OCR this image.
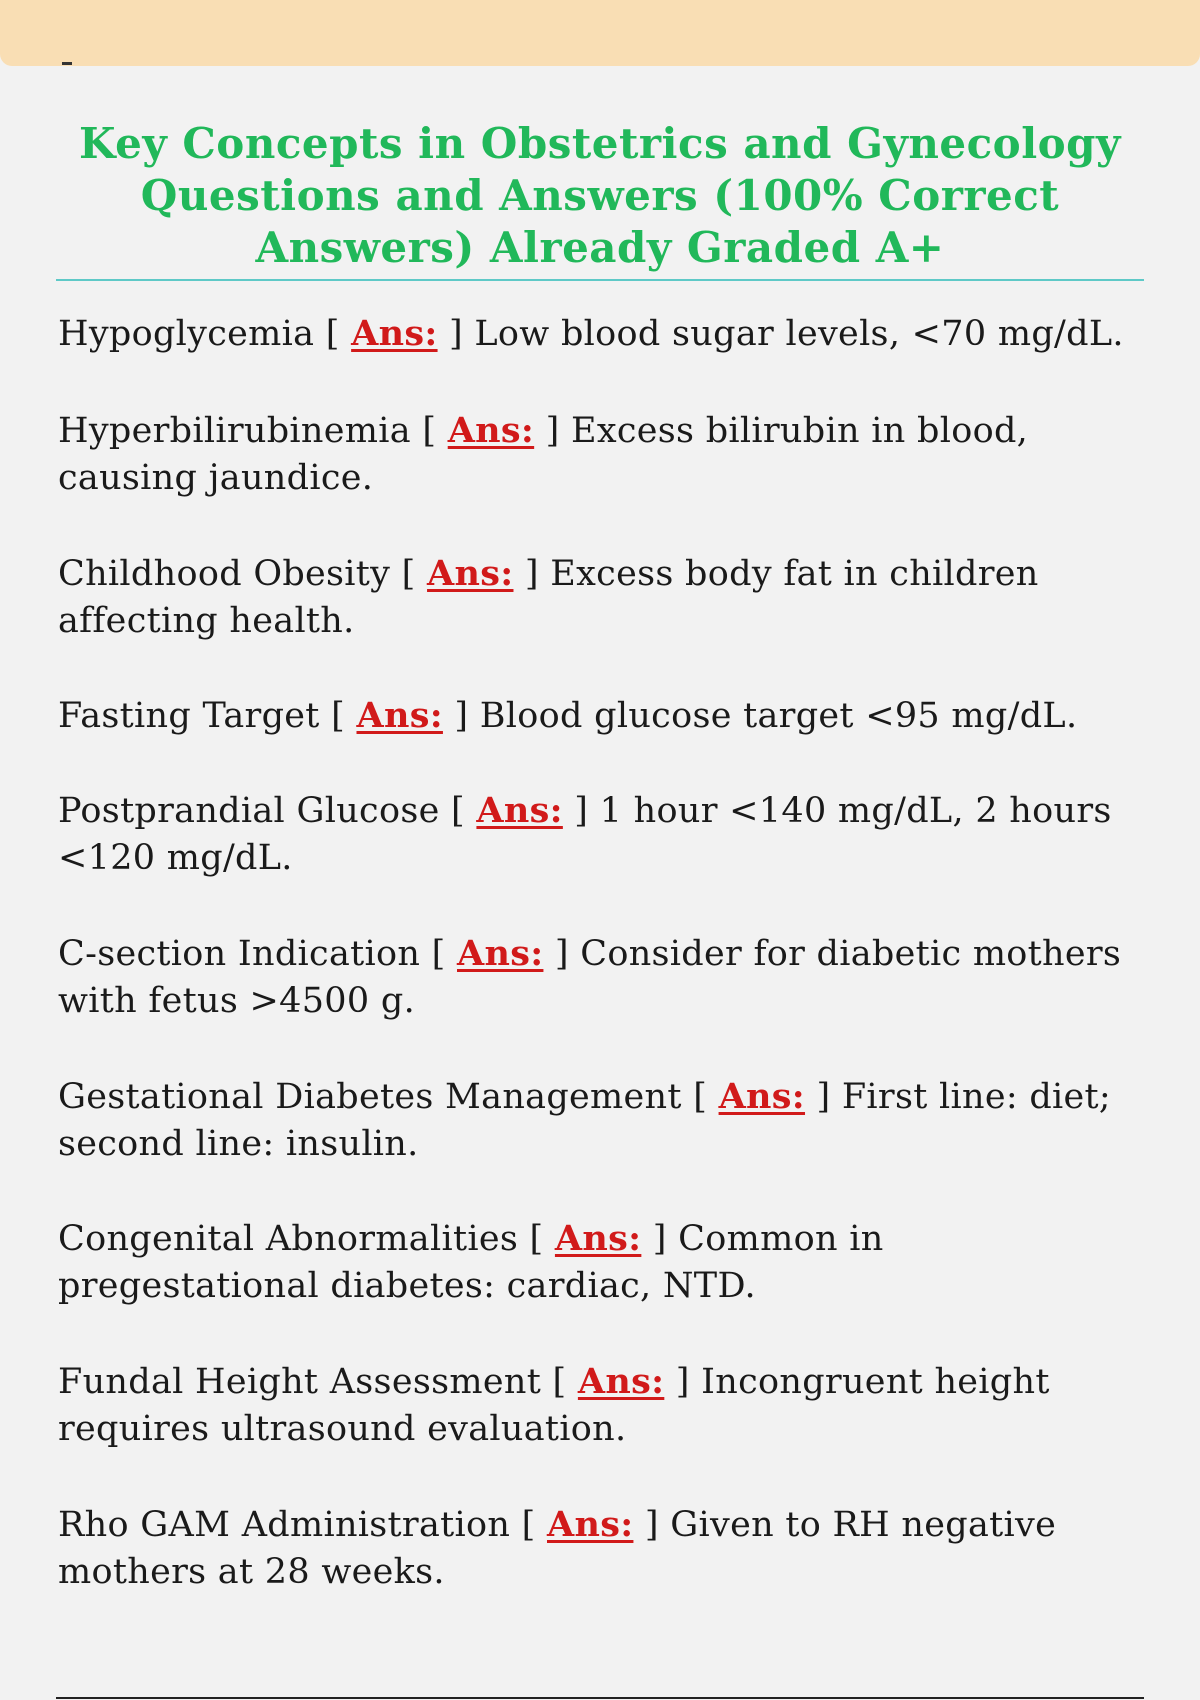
Key Concepts in Obstetrics and Gynecology Questions and Answers (100% Correct Answers) Already Graded A+

Hypoglycemia [ Ans: ] Low blood sugar levels, <70 mg/dL.

Hyperbilirubinemia [ Ans: ] Excess bilirubin in blood, causing jaundice.

Childhood Obesity [ Ans: ] Excess body fat in children affecting health.

Fasting Target [ Ans: ] Blood glucose target <95 mg/dL.

Postprandial Glucose [ Ans: ] 1 hour <140 mg/dL, 2 hours <120 mg/dL.

C-section Indication [ Ans: ] Consider for diabetic mothers with fetus >4500 g.

Gestational Diabetes Management [ Ans: ] First line: diet; second line: insulin.

Congenital Abnormalities [ Ans: ] Common in pregestational diabetes: cardiac, NTD.

Fundal Height Assessment [ Ans: ] Incongruent height requires ultrasound evaluation.

Rho GAM Administration [ Ans: ] Given to RH negative mothers at 28 weeks.
